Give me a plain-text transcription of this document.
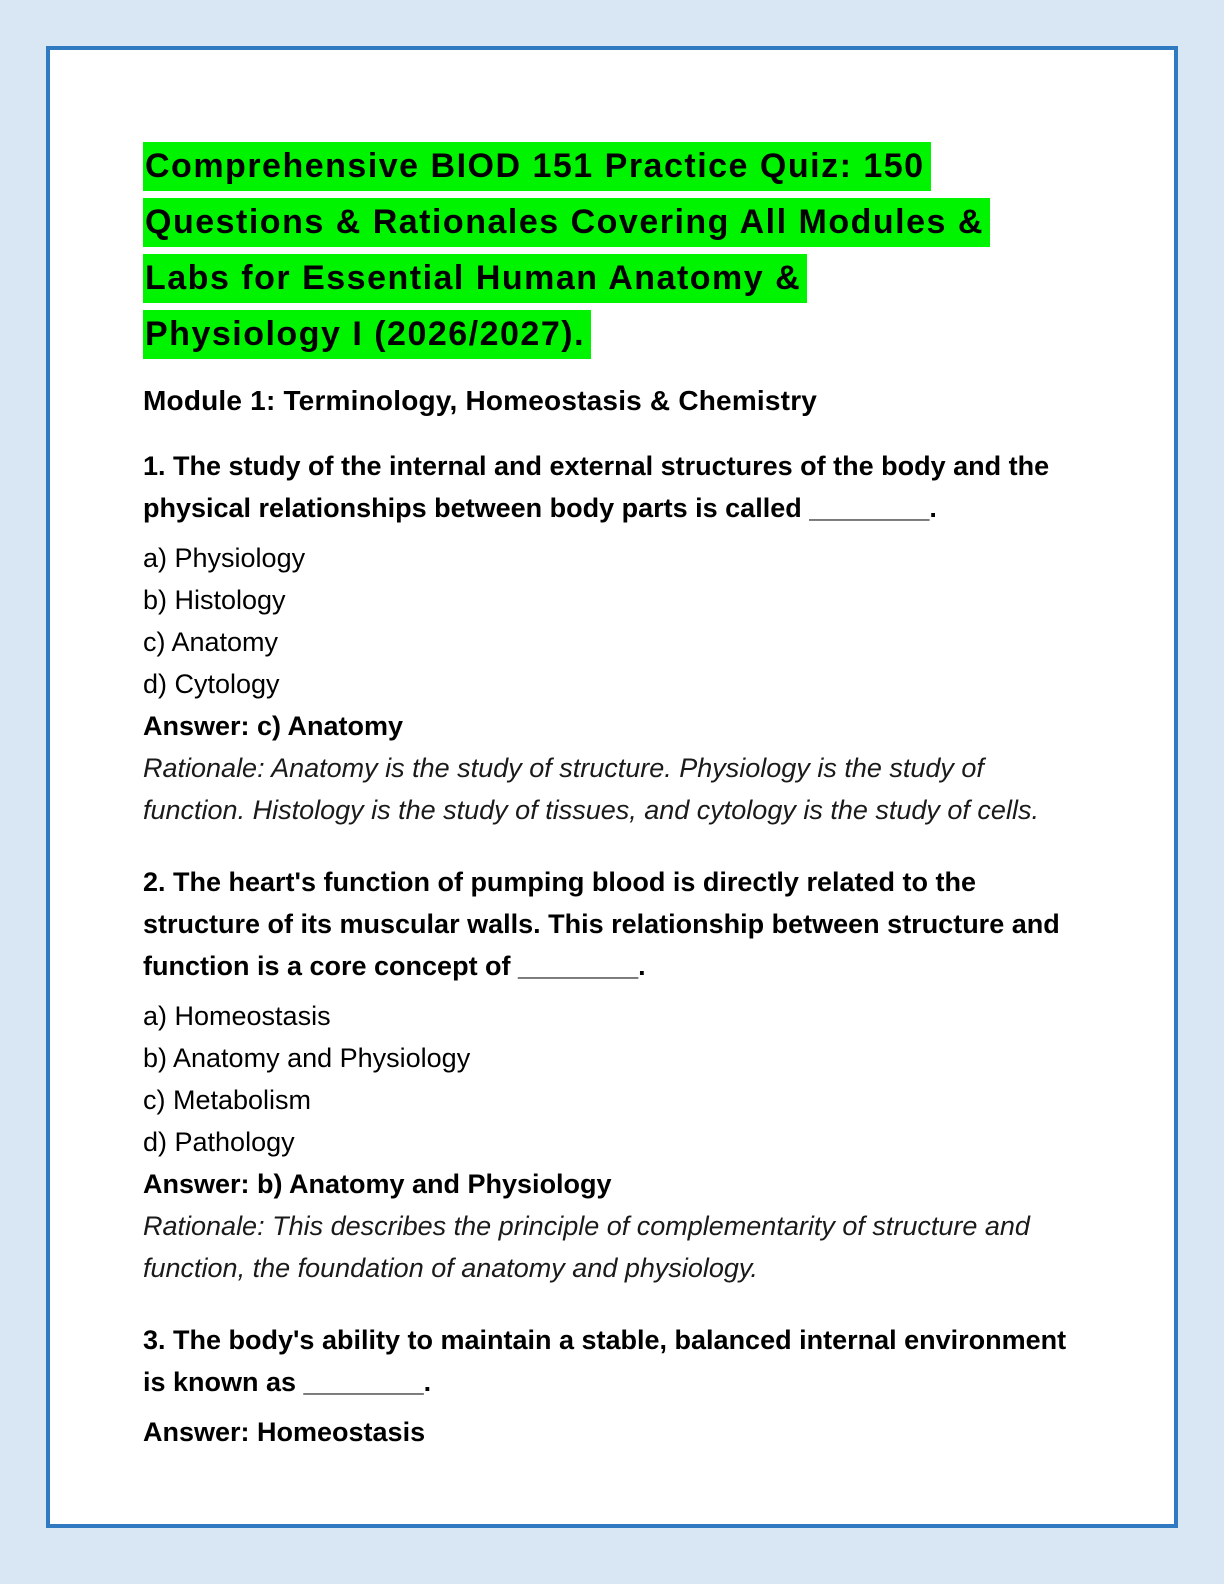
Comprehensive BIOD 151 Practice Quiz: 150
Questions & Rationales Covering All Modules &
Labs for Essential Human Anatomy &
Physiology I (2026/2027).

Module 1: Terminology, Homeostasis & Chemistry

1. The study of the internal and external structures of the body and the physical relationships between body parts is called ________.

a) Physiology

b) Histology

c) Anatomy

d) Cytology

Answer: c) Anatomy

Rationale: Anatomy is the study of structure. Physiology is the study of function. Histology is the study of tissues, and cytology is the study of cells.

2. The heart's function of pumping blood is directly related to the structure of its muscular walls. This relationship between structure and function is a core concept of ________.

a) Homeostasis

b) Anatomy and Physiology

c) Metabolism

d) Pathology

Answer: b) Anatomy and Physiology

Rationale: This describes the principle of complementarity of structure and function, the foundation of anatomy and physiology.

3. The body's ability to maintain a stable, balanced internal environment is known as ________.

Answer: Homeostasis
